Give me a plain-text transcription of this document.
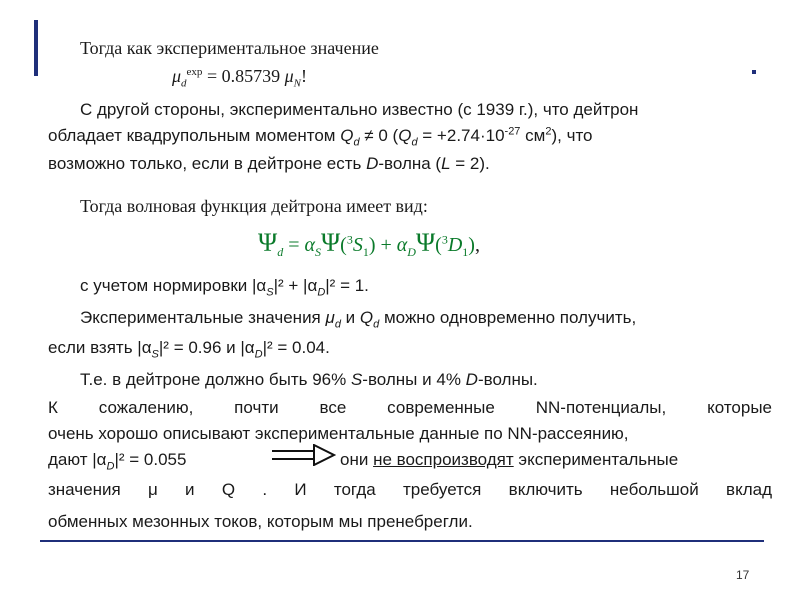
Тогда как экспериментальное значение
$\mu_d^{exp} = 0.85739$ $\mu_N$!
С другой стороны, экспериментально известно (с 1939 г.), что дейтрон
обладает квадрупольным моментом $Q_d \ne 0$ ($Q_d = +2.74\cdot 10^{-27}$ $см^2$), что
возможно только, если в дейтроне есть D-волна (L = 2).
Тогда волновая функция дейтрона имеет вид:
$\Psi_d = \alpha_S\Psi(^3S_1) + \alpha_D\Psi(^3D_1)$,
с учетом нормировки $|\alpha_S|^2 + |\alpha_D|^2 = 1$.
Экспериментальные значения $\mu_d$ и $Q_d$ можно одновременно получить,
если взять $|\alpha_S|^2 = 0.96$ и $|\alpha_D|^2 = 0.04$.
Т.е. в дейтроне должно быть 96% S-волны и 4% D-волны.
К сожалению, почти все современные NN-потенциалы, которые
очень хорошо описывают экспериментальные данные по NN-рассеянию,
дают $|\alpha_D|^2 = 0.055$	они не воспроизводят экспериментальные
значения μ и Q . И тогда требуется включить небольшой вклад
обменных мезонных токов, которым мы пренебрегли.
17
